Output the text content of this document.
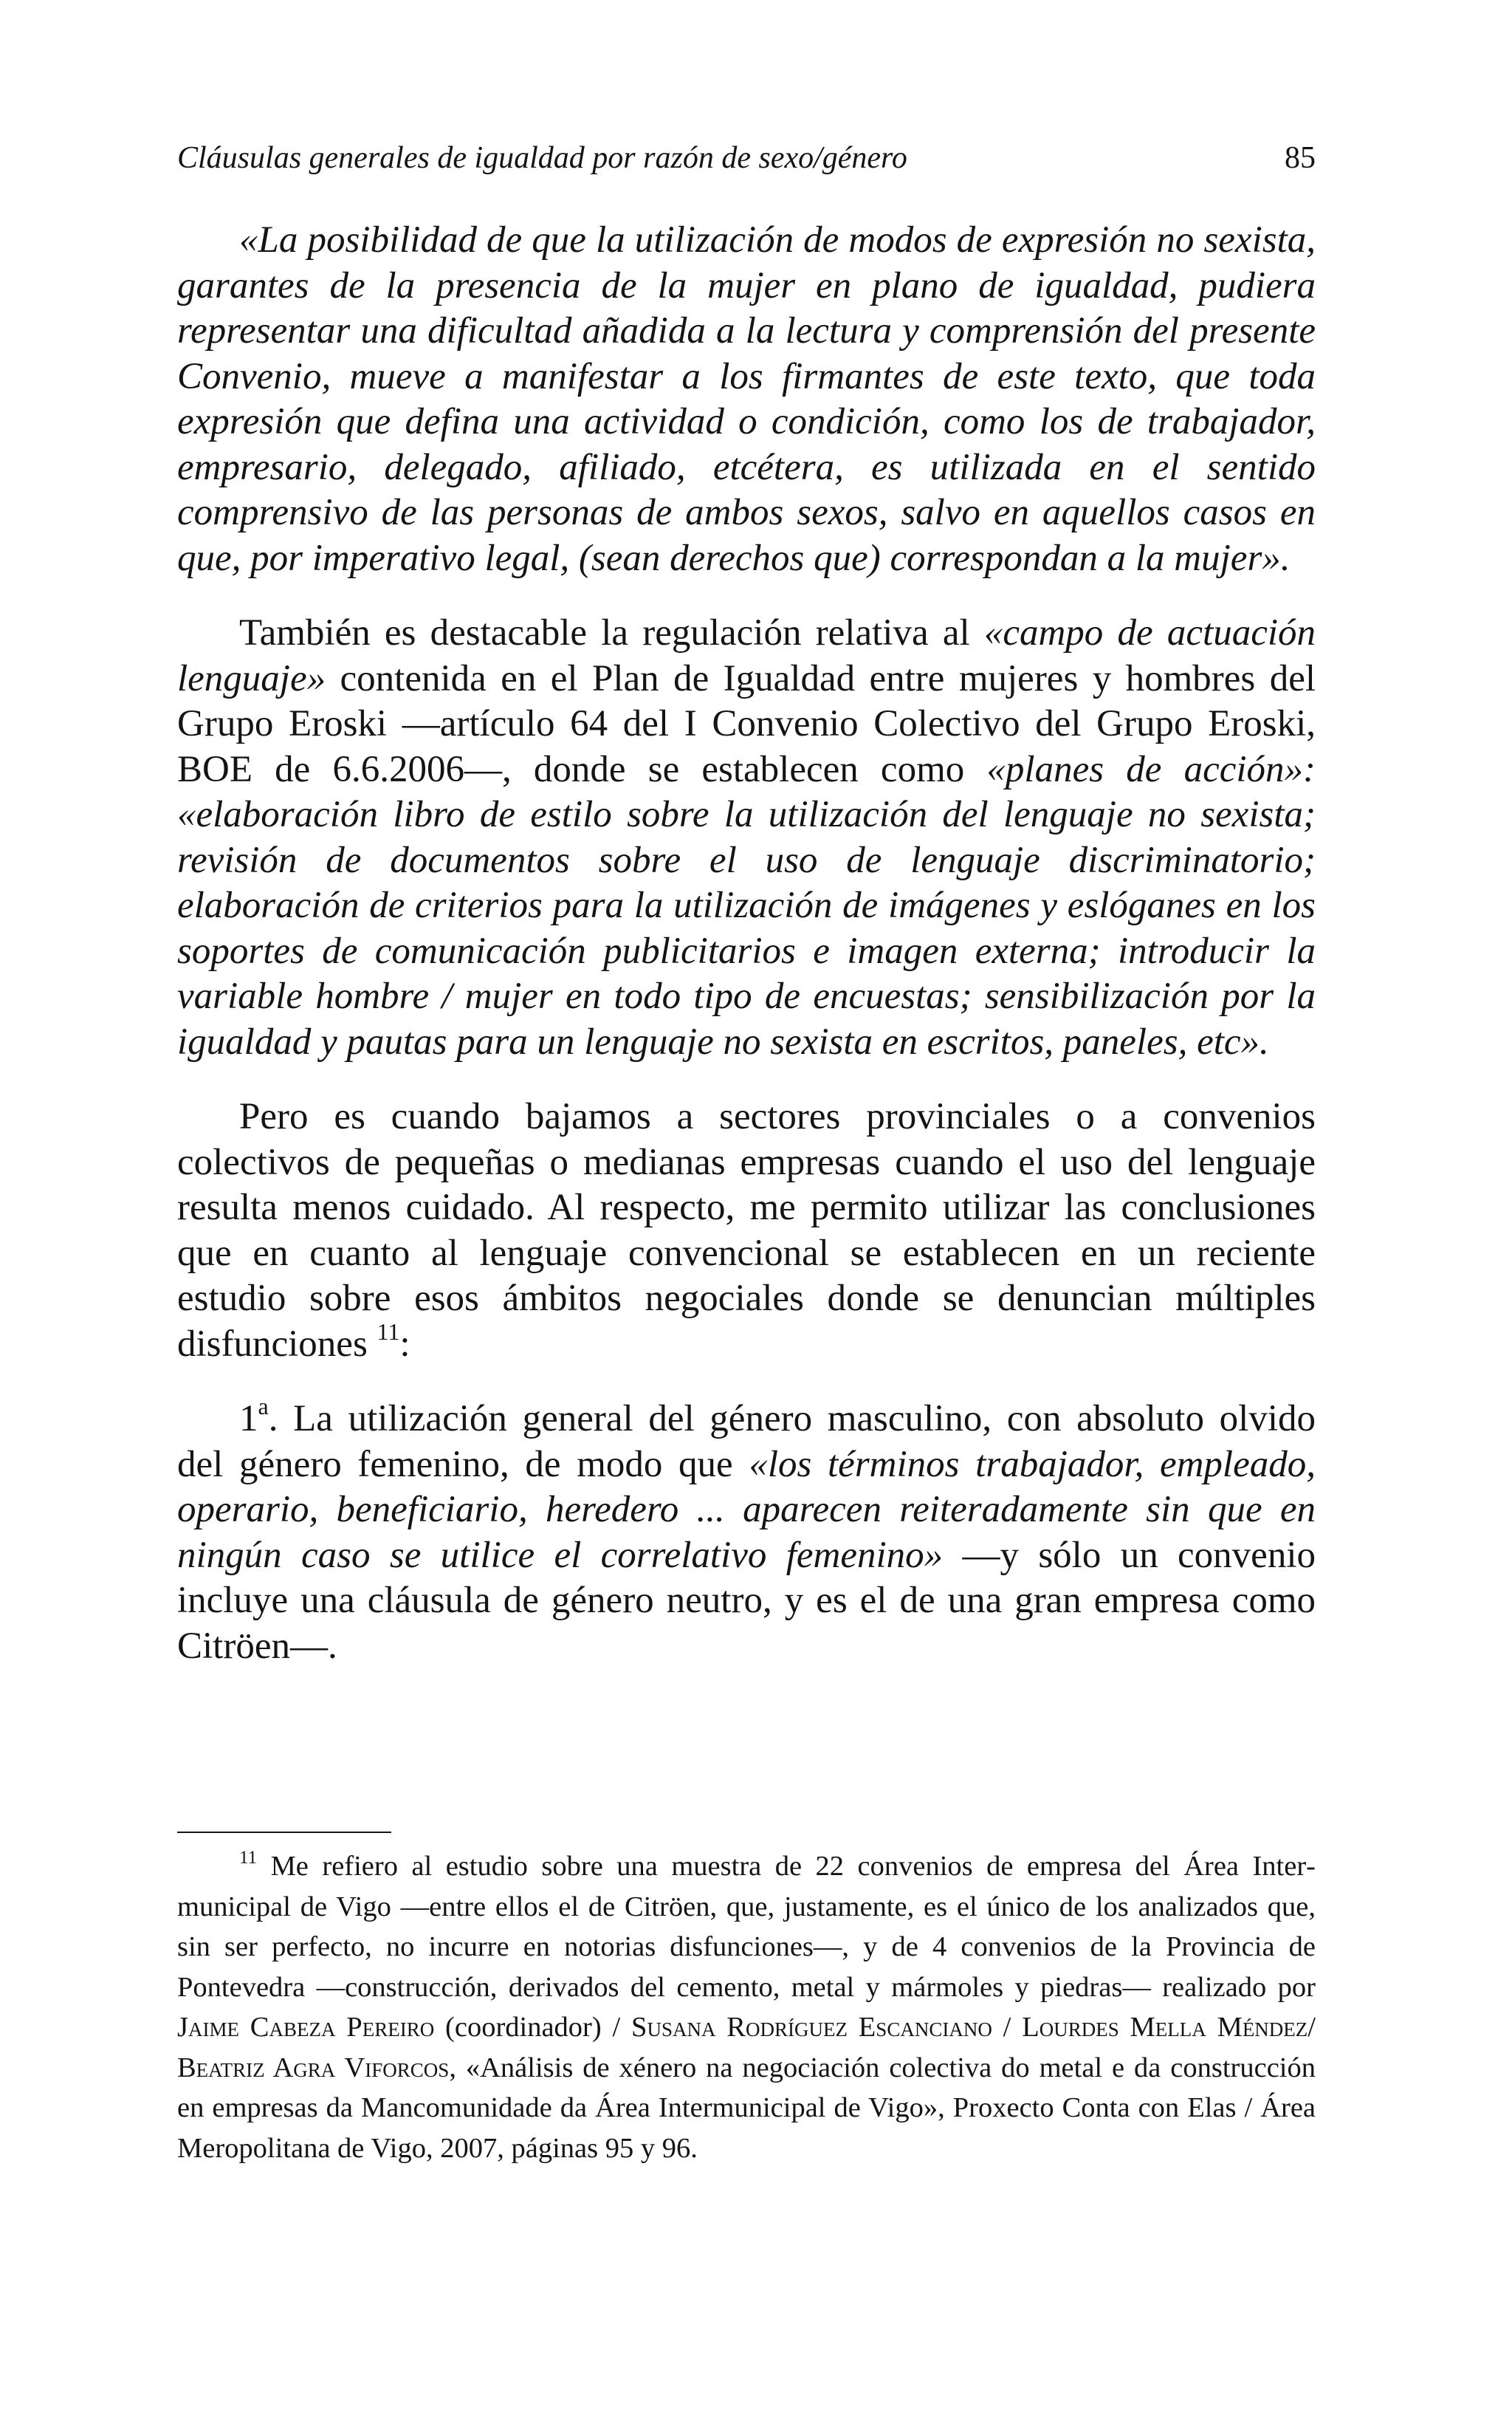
Cláusulas generales de igualdad por razón de sexo/género	85

«La posibilidad de que la utilización de modos de expresión no sexista, garantes de la presencia de la mujer en plano de igualdad, pudiera representar una dificultad añadida a la lectura y comprensión del presente Convenio, mueve a manifestar a los firmantes de este texto, que toda expresión que defina una actividad o condición, como los de trabajador, empresario, delegado, afiliado, etcétera, es utilizada en el sentido comprensivo de las personas de ambos sexos, salvo en aquellos casos en que, por imperativo legal, (sean derechos que) correspondan a la mujer».

También es destacable la regulación relativa al «campo de actuación lenguaje» contenida en el Plan de Igualdad entre mujeres y hombres del Grupo Eroski —artículo 64 del I Convenio Colectivo del Grupo Eroski, BOE de 6.6.2006—, donde se establecen como «planes de acción»: «elaboración libro de estilo sobre la utilización del lenguaje no sexista; revisión de documentos sobre el uso de lenguaje discriminatorio; elaboración de criterios para la utilización de imágenes y eslóganes en los soportes de comunicación publicitarios e imagen externa; introducir la variable hombre / mujer en todo tipo de encuestas; sensibilización por la igualdad y pautas para un lenguaje no sexista en escritos, paneles, etc».

Pero es cuando bajamos a sectores provinciales o a convenios colectivos de pequeñas o medianas empresas cuando el uso del lenguaje resulta menos cuidado. Al respecto, me permito utilizar las conclusiones que en cuanto al lenguaje convencional se establecen en un reciente estudio sobre esos ámbitos negociales donde se denuncian múltiples disfunciones $^{11}$:

1$^a$. La utilización general del género masculino, con absoluto olvido del género femenino, de modo que «los términos trabajador, empleado, operario, beneficiario, heredero ... aparecen reiteradamente sin que en ningún caso se utilice el correlativo femenino» —y sólo un convenio incluye una cláusula de género neutro, y es el de una gran empresa como Citröen—.

$^{11}$ Me refiero al estudio sobre una muestra de 22 convenios de empresa del Área Intermunicipal de Vigo —entre ellos el de Citröen, que, justamente, es el único de los analizados que, sin ser perfecto, no incurre en notorias disfunciones—, y de 4 convenios de la Provincia de Pontevedra —construcción, derivados del cemento, metal y mármoles y piedras— realizado por Jaime Cabeza Pereiro (coordinador) / Susana Rodríguez Escanciano / Lourdes Mella Méndez/ Beatriz Agra Viforcos, «Análisis de xénero na negociación colectiva do metal e da construcción en empresas da Mancomunidade da Área Intermunicipal de Vigo», Proxecto Conta con Elas / Área Meropolitana de Vigo, 2007, páginas 95 y 96.
